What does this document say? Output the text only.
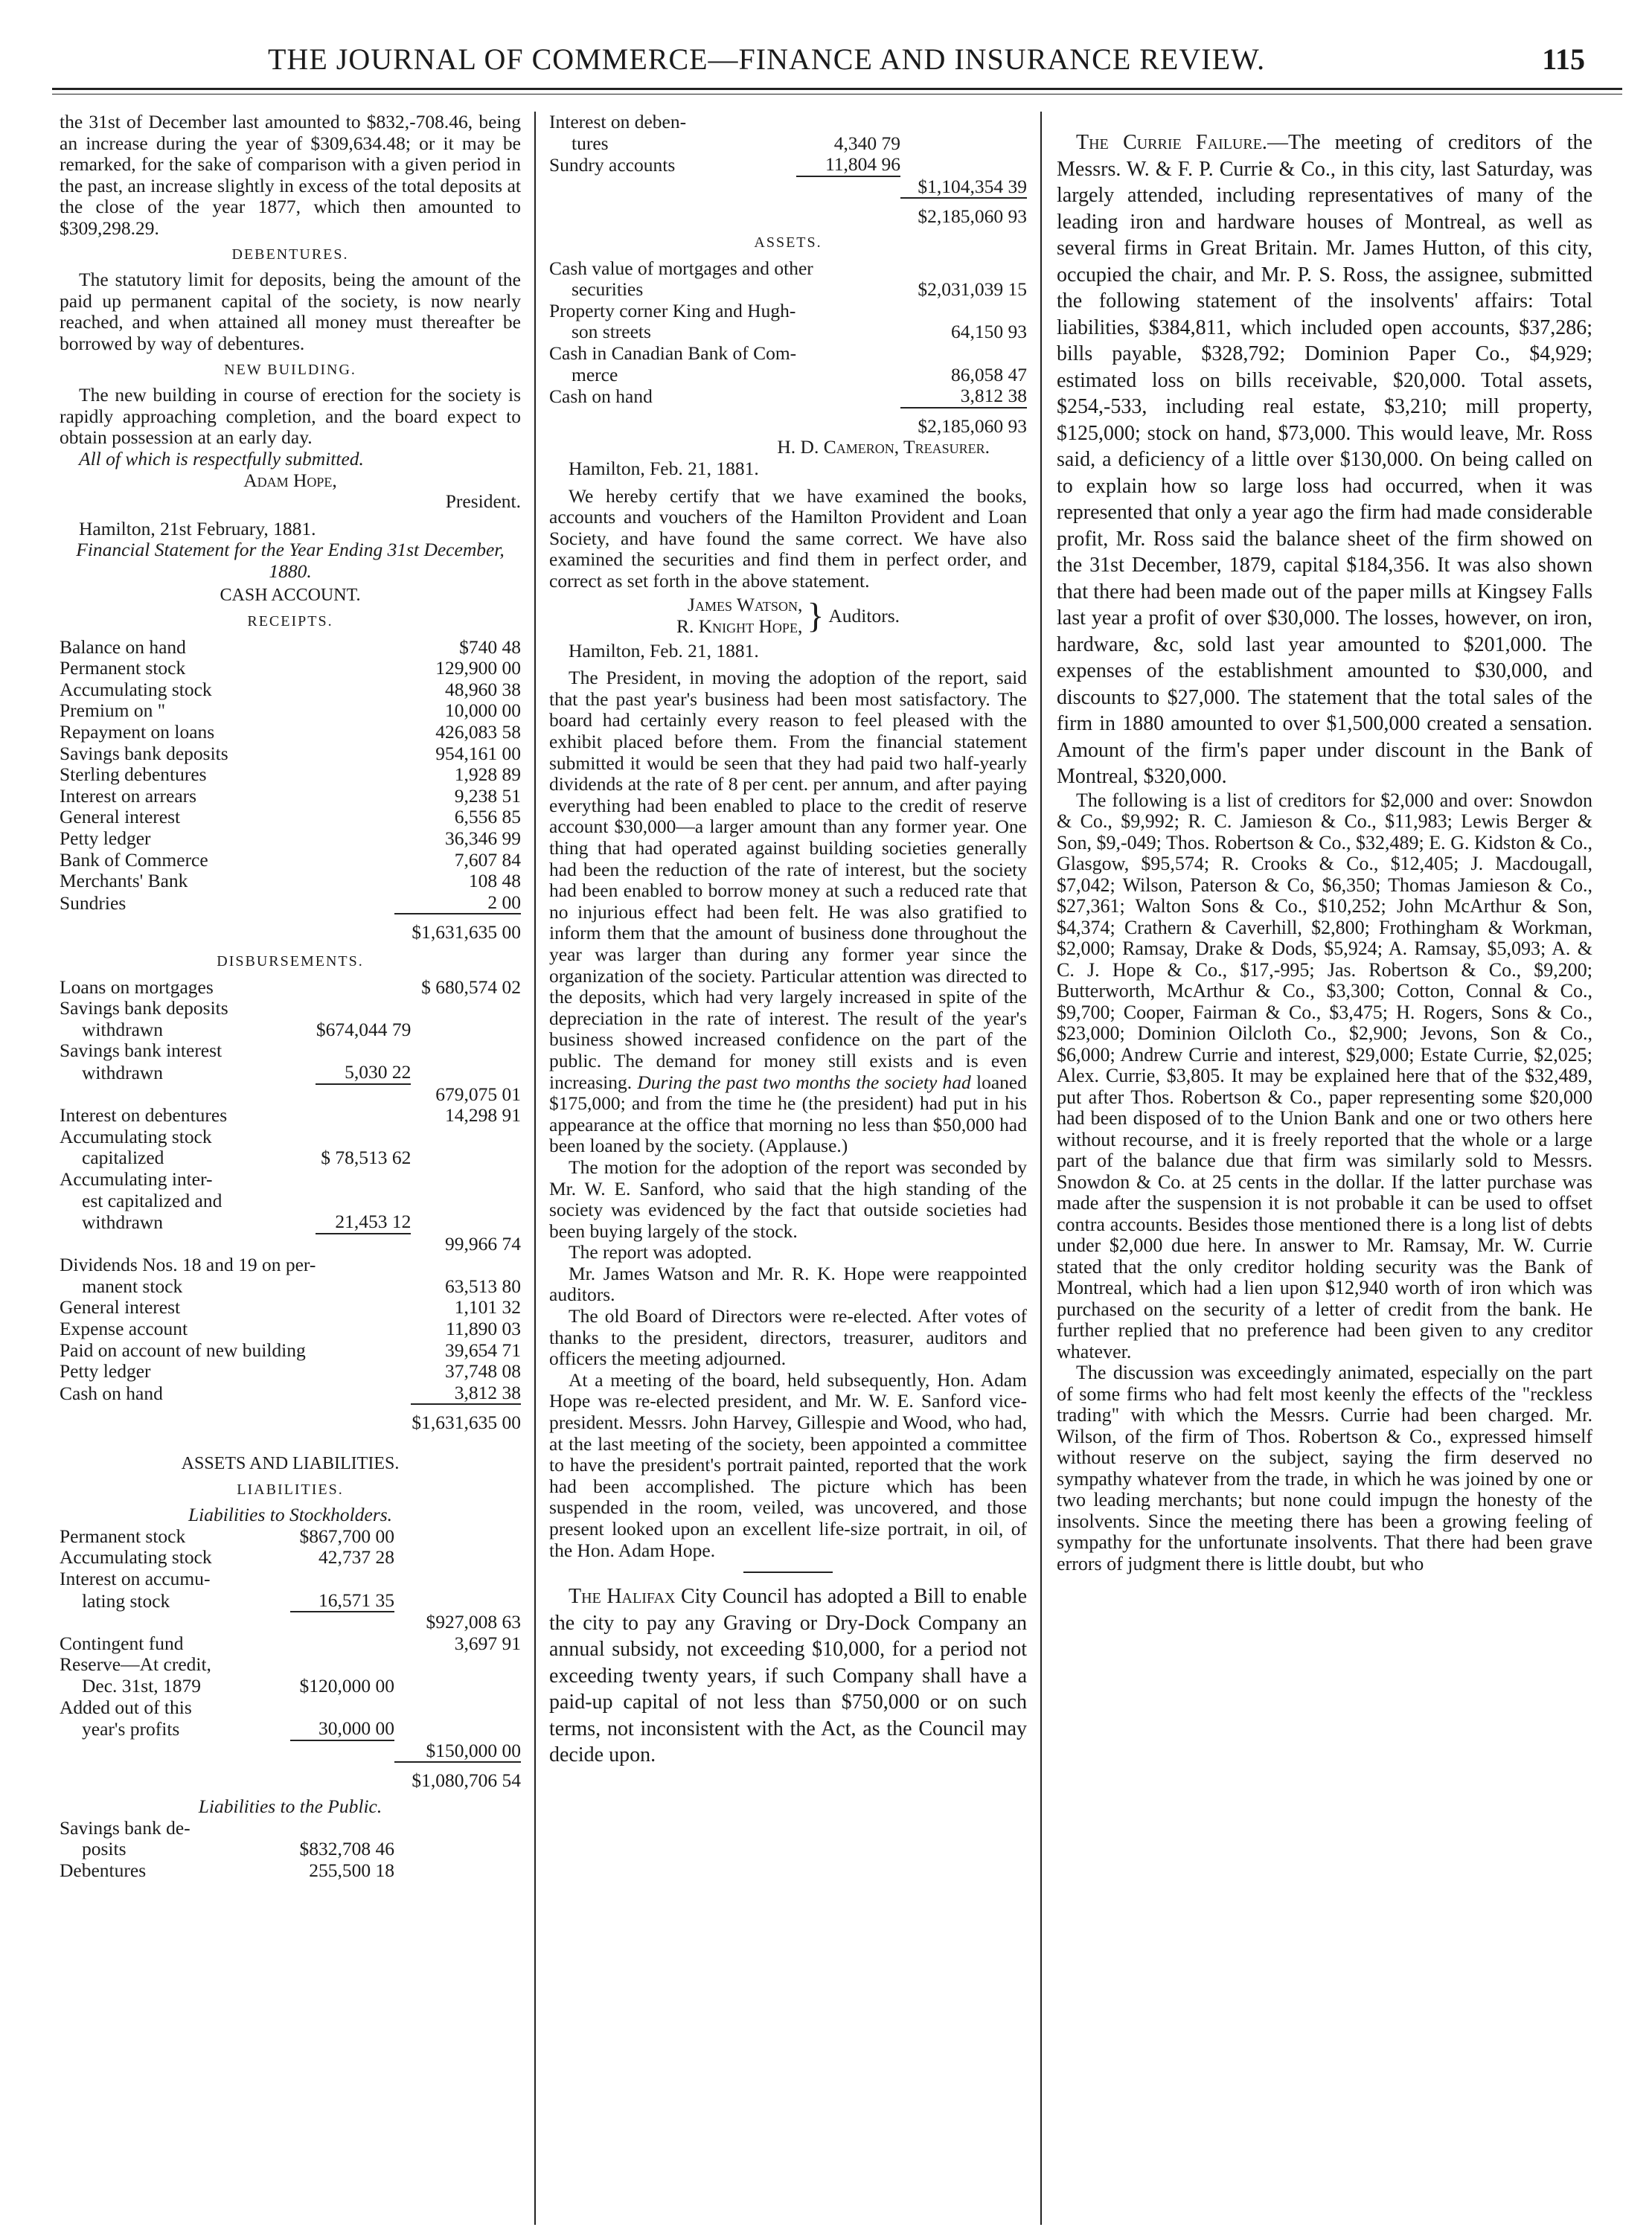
THE JOURNAL OF COMMERCE—FINANCE AND INSURANCE REVIEW.	115

the 31st of December last amounted to $832,-708.46, being an increase during the year of $309,634.48; or it may be remarked, for the sake of comparison with a given period in the past, an increase slightly in excess of the total deposits at the close of the year 1877, which then amounted to $309,298.29.

DEBENTURES.

The statutory limit for deposits, being the amount of the paid up permanent capital of the society, is now nearly reached, and when attained all money must thereafter be borrowed by way of debentures.

NEW BUILDING.

The new building in course of erection for the society is rapidly approaching completion, and the board expect to obtain possession at an early day.

All of which is respectfully submitted.

Adam Hope,
President.

Hamilton, 21st February, 1881.

Financial Statement for the Year Ending 31st December, 1880.
CASH ACCOUNT.
RECEIPTS.
Balance on hand	$740 48
Permanent stock	129,900 00
Accumulating stock	48,960 38
Premium on "	10,000 00
Repayment on loans	426,083 58
Savings bank deposits	954,161 00
Sterling debentures	1,928 89
Interest on arrears	9,238 51
General interest	6,556 85
Petty ledger	36,346 99
Bank of Commerce	7,607 84
Merchants' Bank	108 48
Sundries	2 00
	$1,631,635 00
DISBURSEMENTS.
Loans on mortgages		$ 680,574 02
Savings bank deposits		
withdrawn	$674,044 79	
Savings bank interest		
withdrawn	5,030 22	
		679,075 01
Interest on debentures		14,298 91
Accumulating stock		
capitalized	$ 78,513 62	
Accumulating inter-		
est capitalized and		
withdrawn	21,453 12	
		99,966 74
Dividends Nos. 18 and 19 on per-		
manent stock		63,513 80
General interest		1,101 32
Expense account		11,890 03
Paid on account of new building		39,654 71
Petty ledger		37,748 08
Cash on hand		3,812 38
		$1,631,635 00
ASSETS AND LIABILITIES.
LIABILITIES.
Liabilities to Stockholders.
Permanent stock	$867,700 00	
Accumulating stock	42,737 28	
Interest on accumu-		
lating stock	16,571 35	
		$927,008 63
Contingent fund		3,697 91
Reserve—At credit,		
Dec. 31st, 1879	$120,000 00	
Added out of this		
year's profits	30,000 00	
		$150,000 00
		$1,080,706 54
Liabilities to the Public.
Savings bank de-		
posits	$832,708 46	
Debentures	255,500 18	
Interest on deben-		
tures	4,340 79	
Sundry accounts	11,804 96	
		$1,104,354 39
		$2,185,060 93
ASSETS.
Cash value of mortgages and other	
securities	$2,031,039 15
Property corner King and Hugh-	
son streets	64,150 93
Cash in Canadian Bank of Com-	
merce	86,058 47
Cash on hand	3,812 38
	$2,185,060 93
H. D. Cameron, Treasurer.

Hamilton, Feb. 21, 1881.

We hereby certify that we have examined the books, accounts and vouchers of the Hamilton Provident and Loan Society, and have found the same correct. We have also examined the securities and find them in perfect order, and correct as set forth in the above statement.

James Watson,
R. Knight Hope, } Auditors.

Hamilton, Feb. 21, 1881.

The President, in moving the adoption of the report, said that the past year's business had been most satisfactory. The board had certainly every reason to feel pleased with the exhibit placed before them. From the financial statement submitted it would be seen that they had paid two half-yearly dividends at the rate of 8 per cent. per annum, and after paying everything had been enabled to place to the credit of reserve account $30,000—a larger amount than any former year. One thing that had operated against building societies generally had been the reduction of the rate of interest, but the society had been enabled to borrow money at such a reduced rate that no injurious effect had been felt. He was also gratified to inform them that the amount of business done throughout the year was larger than during any former year since the organization of the society. Particular attention was directed to the deposits, which had very largely increased in spite of the depreciation in the rate of interest. The result of the year's business showed increased confidence on the part of the public. The demand for money still exists and is even increasing. During the past two months the society had loaned $175,000; and from the time he (the president) had put in his appearance at the office that morning no less than $50,000 had been loaned by the society. (Applause.)

The motion for the adoption of the report was seconded by Mr. W. E. Sanford, who said that the high standing of the society was evidenced by the fact that outside societies had been buying largely of the stock.

The report was adopted.

Mr. James Watson and Mr. R. K. Hope were reappointed auditors.

The old Board of Directors were re-elected. After votes of thanks to the president, directors, treasurer, auditors and officers the meeting adjourned.

At a meeting of the board, held subsequently, Hon. Adam Hope was re-elected president, and Mr. W. E. Sanford vice-president. Messrs. John Harvey, Gillespie and Wood, who had, at the last meeting of the society, been appointed a committee to have the president's portrait painted, reported that the work had been accomplished. The picture which has been suspended in the room, veiled, was uncovered, and those present looked upon an excellent life-size portrait, in oil, of the Hon. Adam Hope.

The Halifax City Council has adopted a Bill to enable the city to pay any Graving or Dry-Dock Company an annual subsidy, not exceeding $10,000, for a period not exceeding twenty years, if such Company shall have a paid-up capital of not less than $750,000 or on such terms, not inconsistent with the Act, as the Council may decide upon.

The Currie Failure.—The meeting of creditors of the Messrs. W. & F. P. Currie & Co., in this city, last Saturday, was largely attended, including representatives of many of the leading iron and hardware houses of Montreal, as well as several firms in Great Britain. Mr. James Hutton, of this city, occupied the chair, and Mr. P. S. Ross, the assignee, submitted the following statement of the insolvents' affairs: Total liabilities, $384,811, which included open accounts, $37,286; bills payable, $328,792; Dominion Paper Co., $4,929; estimated loss on bills receivable, $20,000. Total assets, $254,-533, including real estate, $3,210; mill property, $125,000; stock on hand, $73,000. This would leave, Mr. Ross said, a deficiency of a little over $130,000. On being called on to explain how so large loss had occurred, when it was represented that only a year ago the firm had made considerable profit, Mr. Ross said the balance sheet of the firm showed on the 31st December, 1879, capital $184,356. It was also shown that there had been made out of the paper mills at Kingsey Falls last year a profit of over $30,000. The losses, however, on iron, hardware, &c, sold last year amounted to $201,000. The expenses of the establishment amounted to $30,000, and discounts to $27,000. The statement that the total sales of the firm in 1880 amounted to over $1,500,000 created a sensation. Amount of the firm's paper under discount in the Bank of Montreal, $320,000.

The following is a list of creditors for $2,000 and over: Snowdon & Co., $9,992; R. C. Jamieson & Co., $11,983; Lewis Berger & Son, $9,-049; Thos. Robertson & Co., $32,489; E. G. Kidston & Co., Glasgow, $95,574; R. Crooks & Co., $12,405; J. Macdougall, $7,042; Wilson, Paterson & Co, $6,350; Thomas Jamieson & Co., $27,361; Walton Sons & Co., $10,252; John McArthur & Son, $4,374; Crathern & Caverhill, $2,800; Frothingham & Workman, $2,000; Ramsay, Drake & Dods, $5,924; A. Ramsay, $5,093; A. & C. J. Hope & Co., $17,-995; Jas. Robertson & Co., $9,200; Butterworth, McArthur & Co., $3,300; Cotton, Connal & Co., $9,700; Cooper, Fairman & Co., $3,475; H. Rogers, Sons & Co., $23,000; Dominion Oilcloth Co., $2,900; Jevons, Son & Co., $6,000; Andrew Currie and interest, $29,000; Estate Currie, $2,025; Alex. Currie, $3,805. It may be explained here that of the $32,489, put after Thos. Robertson & Co., paper representing some $20,000 had been disposed of to the Union Bank and one or two others here without recourse, and it is freely reported that the whole or a large part of the balance due that firm was similarly sold to Messrs. Snowdon & Co. at 25 cents in the dollar. If the latter purchase was made after the suspension it is not probable it can be used to offset contra accounts. Besides those mentioned there is a long list of debts under $2,000 due here. In answer to Mr. Ramsay, Mr. W. Currie stated that the only creditor holding security was the Bank of Montreal, which had a lien upon $12,940 worth of iron which was purchased on the security of a letter of credit from the bank. He further replied that no preference had been given to any creditor whatever.

The discussion was exceedingly animated, especially on the part of some firms who had felt most keenly the effects of the "reckless trading" with which the Messrs. Currie had been charged. Mr. Wilson, of the firm of Thos. Robertson & Co., expressed himself without reserve on the subject, saying the firm deserved no sympathy whatever from the trade, in which he was joined by one or two leading merchants; but none could impugn the honesty of the insolvents. Since the meeting there has been a growing feeling of sympathy for the unfortunate insolvents. That there had been grave errors of judgment there is little doubt, but who
